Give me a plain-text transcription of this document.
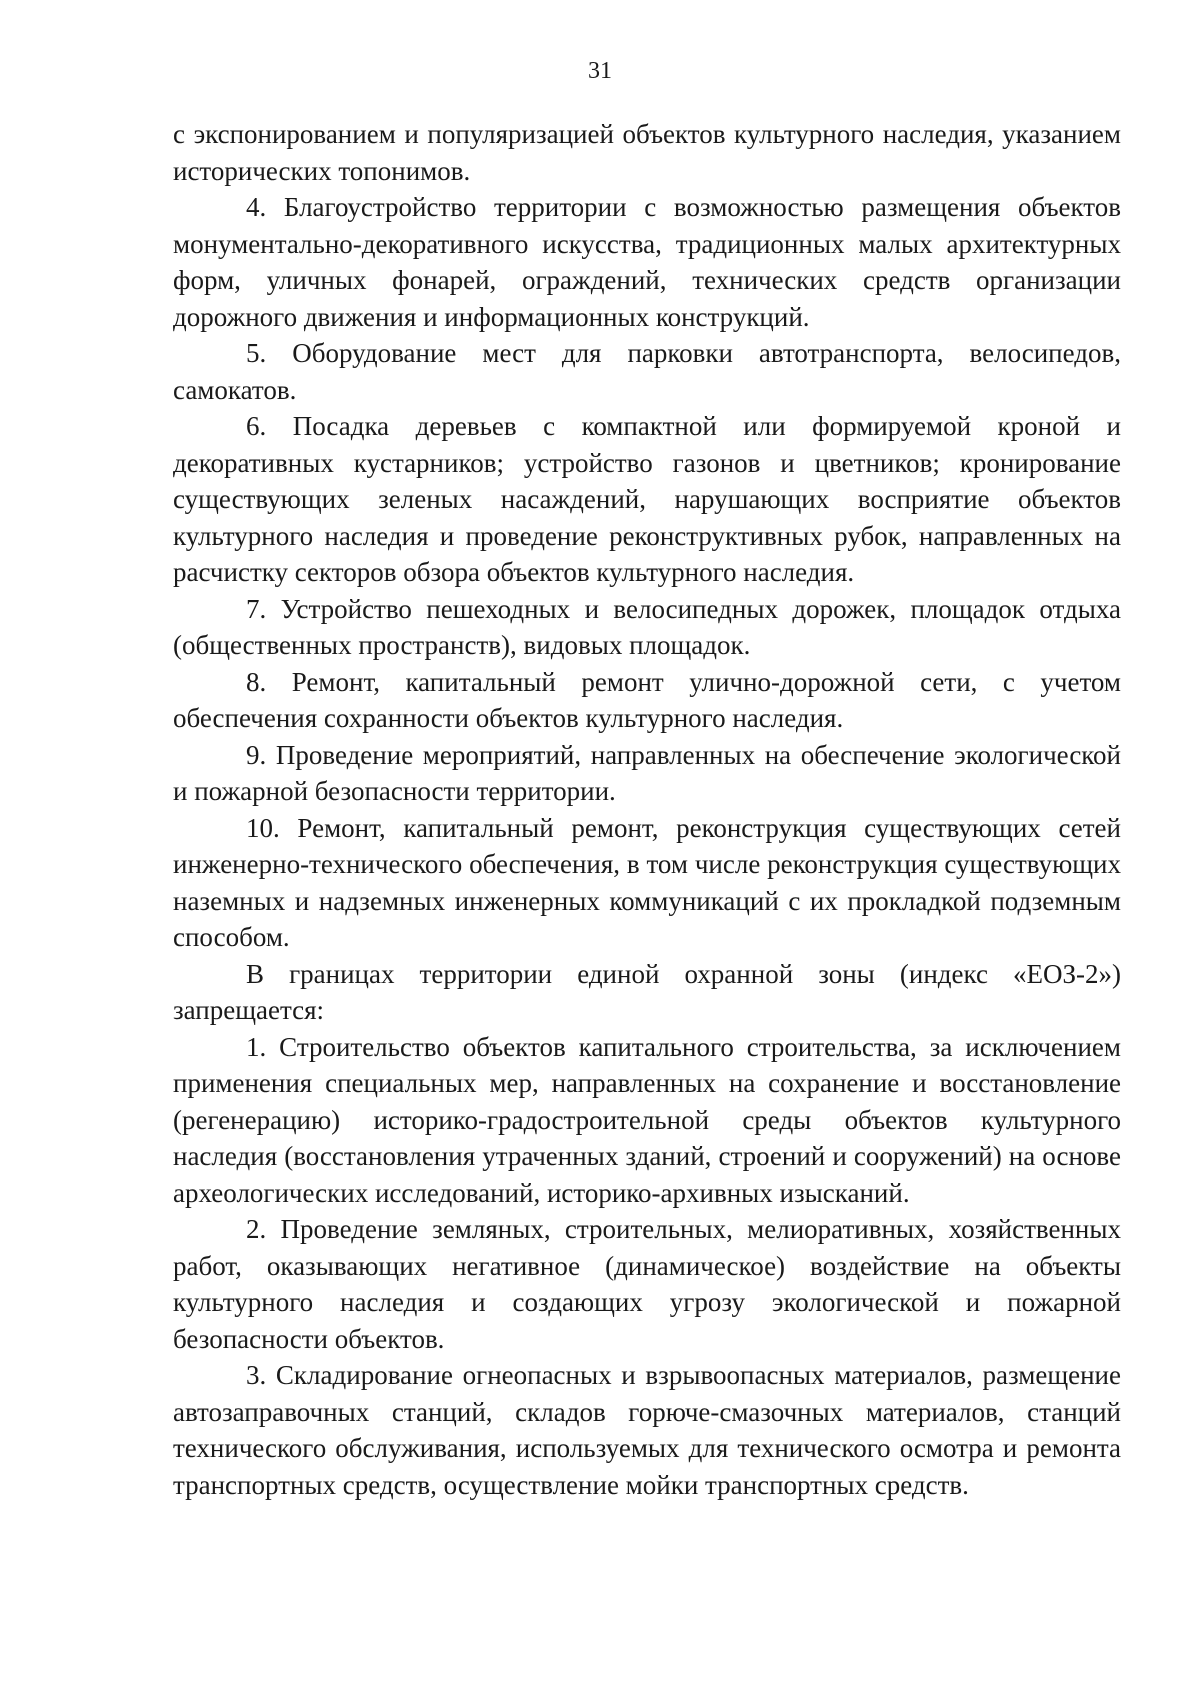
31

с экспонированием и популяризацией объектов культурного наследия, указанием исторических топонимов.

4. Благоустройство территории с возможностью размещения объектов монументально-декоративного искусства, традиционных малых архитектурных форм, уличных фонарей, ограждений, технических средств организации дорожного движения и информационных конструкций.

5. Оборудование мест для парковки автотранспорта, велосипедов, самокатов.

6. Посадка деревьев с компактной или формируемой кроной и декоративных кустарников; устройство газонов и цветников; кронирование существующих зеленых насаждений, нарушающих восприятие объектов культурного наследия и проведение реконструктивных рубок, направленных на расчистку секторов обзора объектов культурного наследия.

7. Устройство пешеходных и велосипедных дорожек, площадок отдыха (общественных пространств), видовых площадок.

8. Ремонт, капитальный ремонт улично-дорожной сети, с учетом обеспечения сохранности объектов культурного наследия.

9. Проведение мероприятий, направленных на обеспечение экологической и пожарной безопасности территории.

10. Ремонт, капитальный ремонт, реконструкция существующих сетей инженерно-технического обеспечения, в том числе реконструкция существующих наземных и надземных инженерных коммуникаций с их прокладкой подземным способом.

В границах территории единой охранной зоны (индекс «ЕОЗ-2») запрещается:

1. Строительство объектов капитального строительства, за исключением применения специальных мер, направленных на сохранение и восстановление (регенерацию) историко-градостроительной среды объектов культурного наследия (восстановления утраченных зданий, строений и сооружений) на основе археологических исследований, историко-архивных изысканий.

2. Проведение земляных, строительных, мелиоративных, хозяйственных работ, оказывающих негативное (динамическое) воздействие на объекты культурного наследия и создающих угрозу экологической и пожарной безопасности объектов.

3. Складирование огнеопасных и взрывоопасных материалов, размещение автозаправочных станций, складов горюче-смазочных материалов, станций технического обслуживания, используемых для технического осмотра и ремонта транспортных средств, осуществление мойки транспортных средств.
